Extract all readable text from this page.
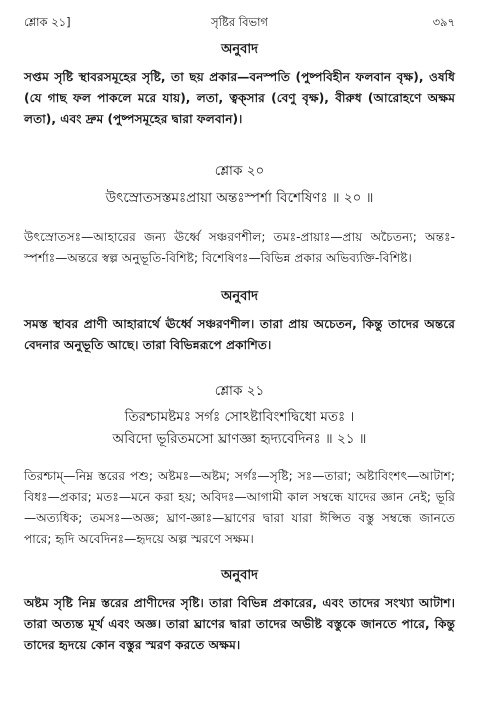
শ্লোক ২১]	সৃষ্টির বিভাগ	৩৯৭

অনুবাদ

সপ্তম সৃষ্টি স্থাবরসমূহের সৃষ্টি, তা ছয় প্রকার—বনস্পতি (পুষ্পবিহীন ফলবান বৃক্ষ), ওষধি (যে গাছ ফল পাকলে মরে যায়), লতা, ত্বক্‌সার (বেণু বৃক্ষ), বীরুধ (আরোহণে অক্ষম লতা), এবং দ্রুম (পুষ্পসমূহের দ্বারা ফলবান)।

শ্লোক ২০

উৎস্রোতসস্তমঃপ্রায়া অন্তঃস্পর্শা বিশেষিণঃ ॥ ২০ ॥

উৎস্রোতসঃ—আহারের জন্য ঊর্ধ্বে সঞ্চরণশীল; তমঃ-প্রায়াঃ—প্রায় অচৈতন্য; অন্তঃ-স্পর্শাঃ—অন্তরে স্বল্প অনুভূতি-বিশিষ্ট; বিশেষিণঃ—বিভিন্ন প্রকার অভিব্যক্তি-বিশিষ্ট।

অনুবাদ

সমস্ত স্থাবর প্রাণী আহারার্থে ঊর্ধ্বে সঞ্চরণশীল। তারা প্রায় অচেতন, কিন্তু তাদের অন্তরে বেদনার অনুভূতি আছে। তারা বিভিন্নরূপে প্রকাশিত।

শ্লোক ২১

তিরশ্চামষ্টমঃ সর্গঃ সোঽষ্টাবিংশদ্বিধো মতঃ ।

অবিদো ভূরিতমসো ঘ্রাণজ্ঞা হৃদ্যবেদিনঃ ॥ ২১ ॥

তিরশ্চাম্‌—নিম্ন স্তরের পশু; অষ্টমঃ—অষ্টম; সর্গঃ—সৃষ্টি; সঃ—তারা; অষ্টাবিংশৎ—আটাশ; বিধঃ—প্রকার; মতঃ—মনে করা হয়; অবিদঃ—আগামী কাল সম্বন্ধে যাদের জ্ঞান নেই; ভূরি—অত্যধিক; তমসঃ—অজ্ঞ; ঘ্রাণ-জ্ঞাঃ—ঘ্রাণের দ্বারা যারা ঈপ্সিত বস্তু সম্বন্ধে জানতে পারে; হৃদি অবেদিনঃ—হৃদয়ে অল্প স্মরণে সক্ষম।

অনুবাদ

অষ্টম সৃষ্টি নিম্ন স্তরের প্রাণীদের সৃষ্টি। তারা বিভিন্ন প্রকারের, এবং তাদের সংখ্যা আটাশ। তারা অত্যন্ত মূর্খ এবং অজ্ঞ। তারা ঘ্রাণের দ্বারা তাদের অভীষ্ট বস্তুকে জানতে পারে, কিন্তু তাদের হৃদয়ে কোন বস্তুর স্মরণ করতে অক্ষম।
